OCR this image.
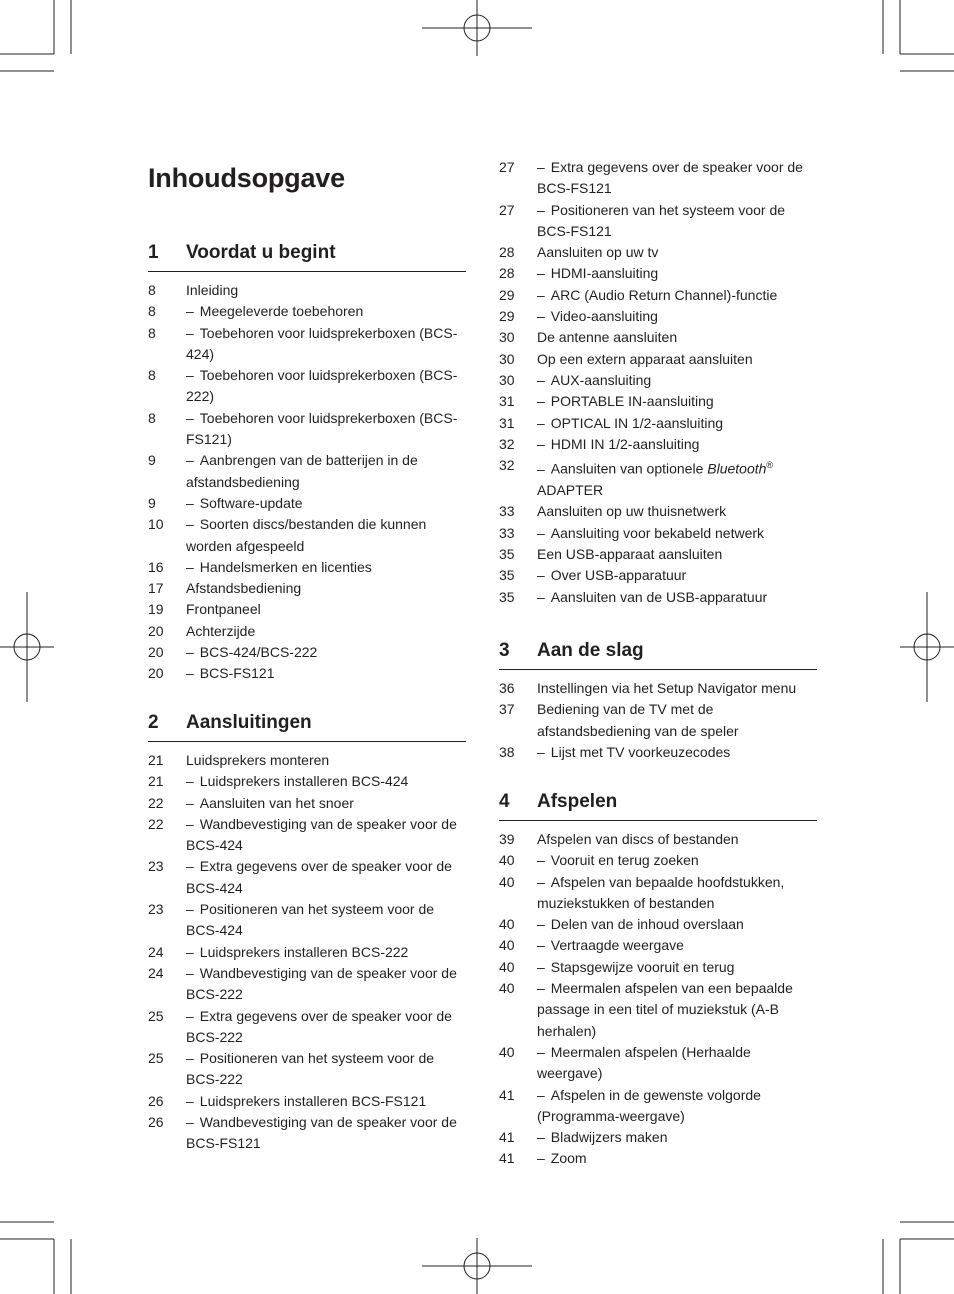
Inhoudsopgave
1	Voordat u begint
8	Inleiding
8	– Meegeleverde toebehoren
8	– Toebehoren voor luidsprekerboxen (BCS-
424)
8	– Toebehoren voor luidsprekerboxen (BCS-
222)
8	– Toebehoren voor luidsprekerboxen (BCS-
FS121)
9	– Aanbrengen van de batterijen in de
afstandsbediening
9	– Software-update
10	– Soorten discs/bestanden die kunnen
worden afgespeeld
16	– Handelsmerken en licenties
17	Afstandsbediening
19	Frontpaneel
20	Achterzijde
20	– BCS-424/BCS-222
20	– BCS-FS121
2	Aansluitingen
21	Luidsprekers monteren
21	– Luidsprekers installeren BCS-424
22	– Aansluiten van het snoer
22	– Wandbevestiging van de speaker voor de
BCS-424
23	– Extra gegevens over de speaker voor de
BCS-424
23	– Positioneren van het systeem voor de
BCS-424
24	– Luidsprekers installeren BCS-222
24	– Wandbevestiging van de speaker voor de
BCS-222
25	– Extra gegevens over de speaker voor de
BCS-222
25	– Positioneren van het systeem voor de
BCS-222
26	– Luidsprekers installeren BCS-FS121
26	– Wandbevestiging van de speaker voor de
BCS-FS121
27	– Extra gegevens over de speaker voor de
BCS-FS121
27	– Positioneren van het systeem voor de
BCS-FS121
28	Aansluiten op uw tv
28	– HDMI-aansluiting
29	– ARC (Audio Return Channel)-functie
29	– Video-aansluiting
30	De antenne aansluiten
30	Op een extern apparaat aansluiten
30	– AUX-aansluiting
31	– PORTABLE IN-aansluiting
31	– OPTICAL IN 1/2-aansluiting
32	– HDMI IN 1/2-aansluiting
32	– Aansluiten van optionele Bluetooth®
ADAPTER
33	Aansluiten op uw thuisnetwerk
33	– Aansluiting voor bekabeld netwerk
35	Een USB-apparaat aansluiten
35	– Over USB-apparatuur
35	– Aansluiten van de USB-apparatuur
3	Aan de slag
36	Instellingen via het Setup Navigator menu
37	Bediening van de TV met de
afstandsbediening van de speler
38	– Lijst met TV voorkeuzecodes
4	Afspelen
39	Afspelen van discs of bestanden
40	– Vooruit en terug zoeken
40	– Afspelen van bepaalde hoofdstukken,
muziekstukken of bestanden
40	– Delen van de inhoud overslaan
40	– Vertraagde weergave
40	– Stapsgewijze vooruit en terug
40	– Meermalen afspelen van een bepaalde
passage in een titel of muziekstuk (A-B
herhalen)
40	– Meermalen afspelen (Herhaalde
weergave)
41	– Afspelen in de gewenste volgorde
(Programma-weergave)
41	– Bladwijzers maken
41	– Zoom
